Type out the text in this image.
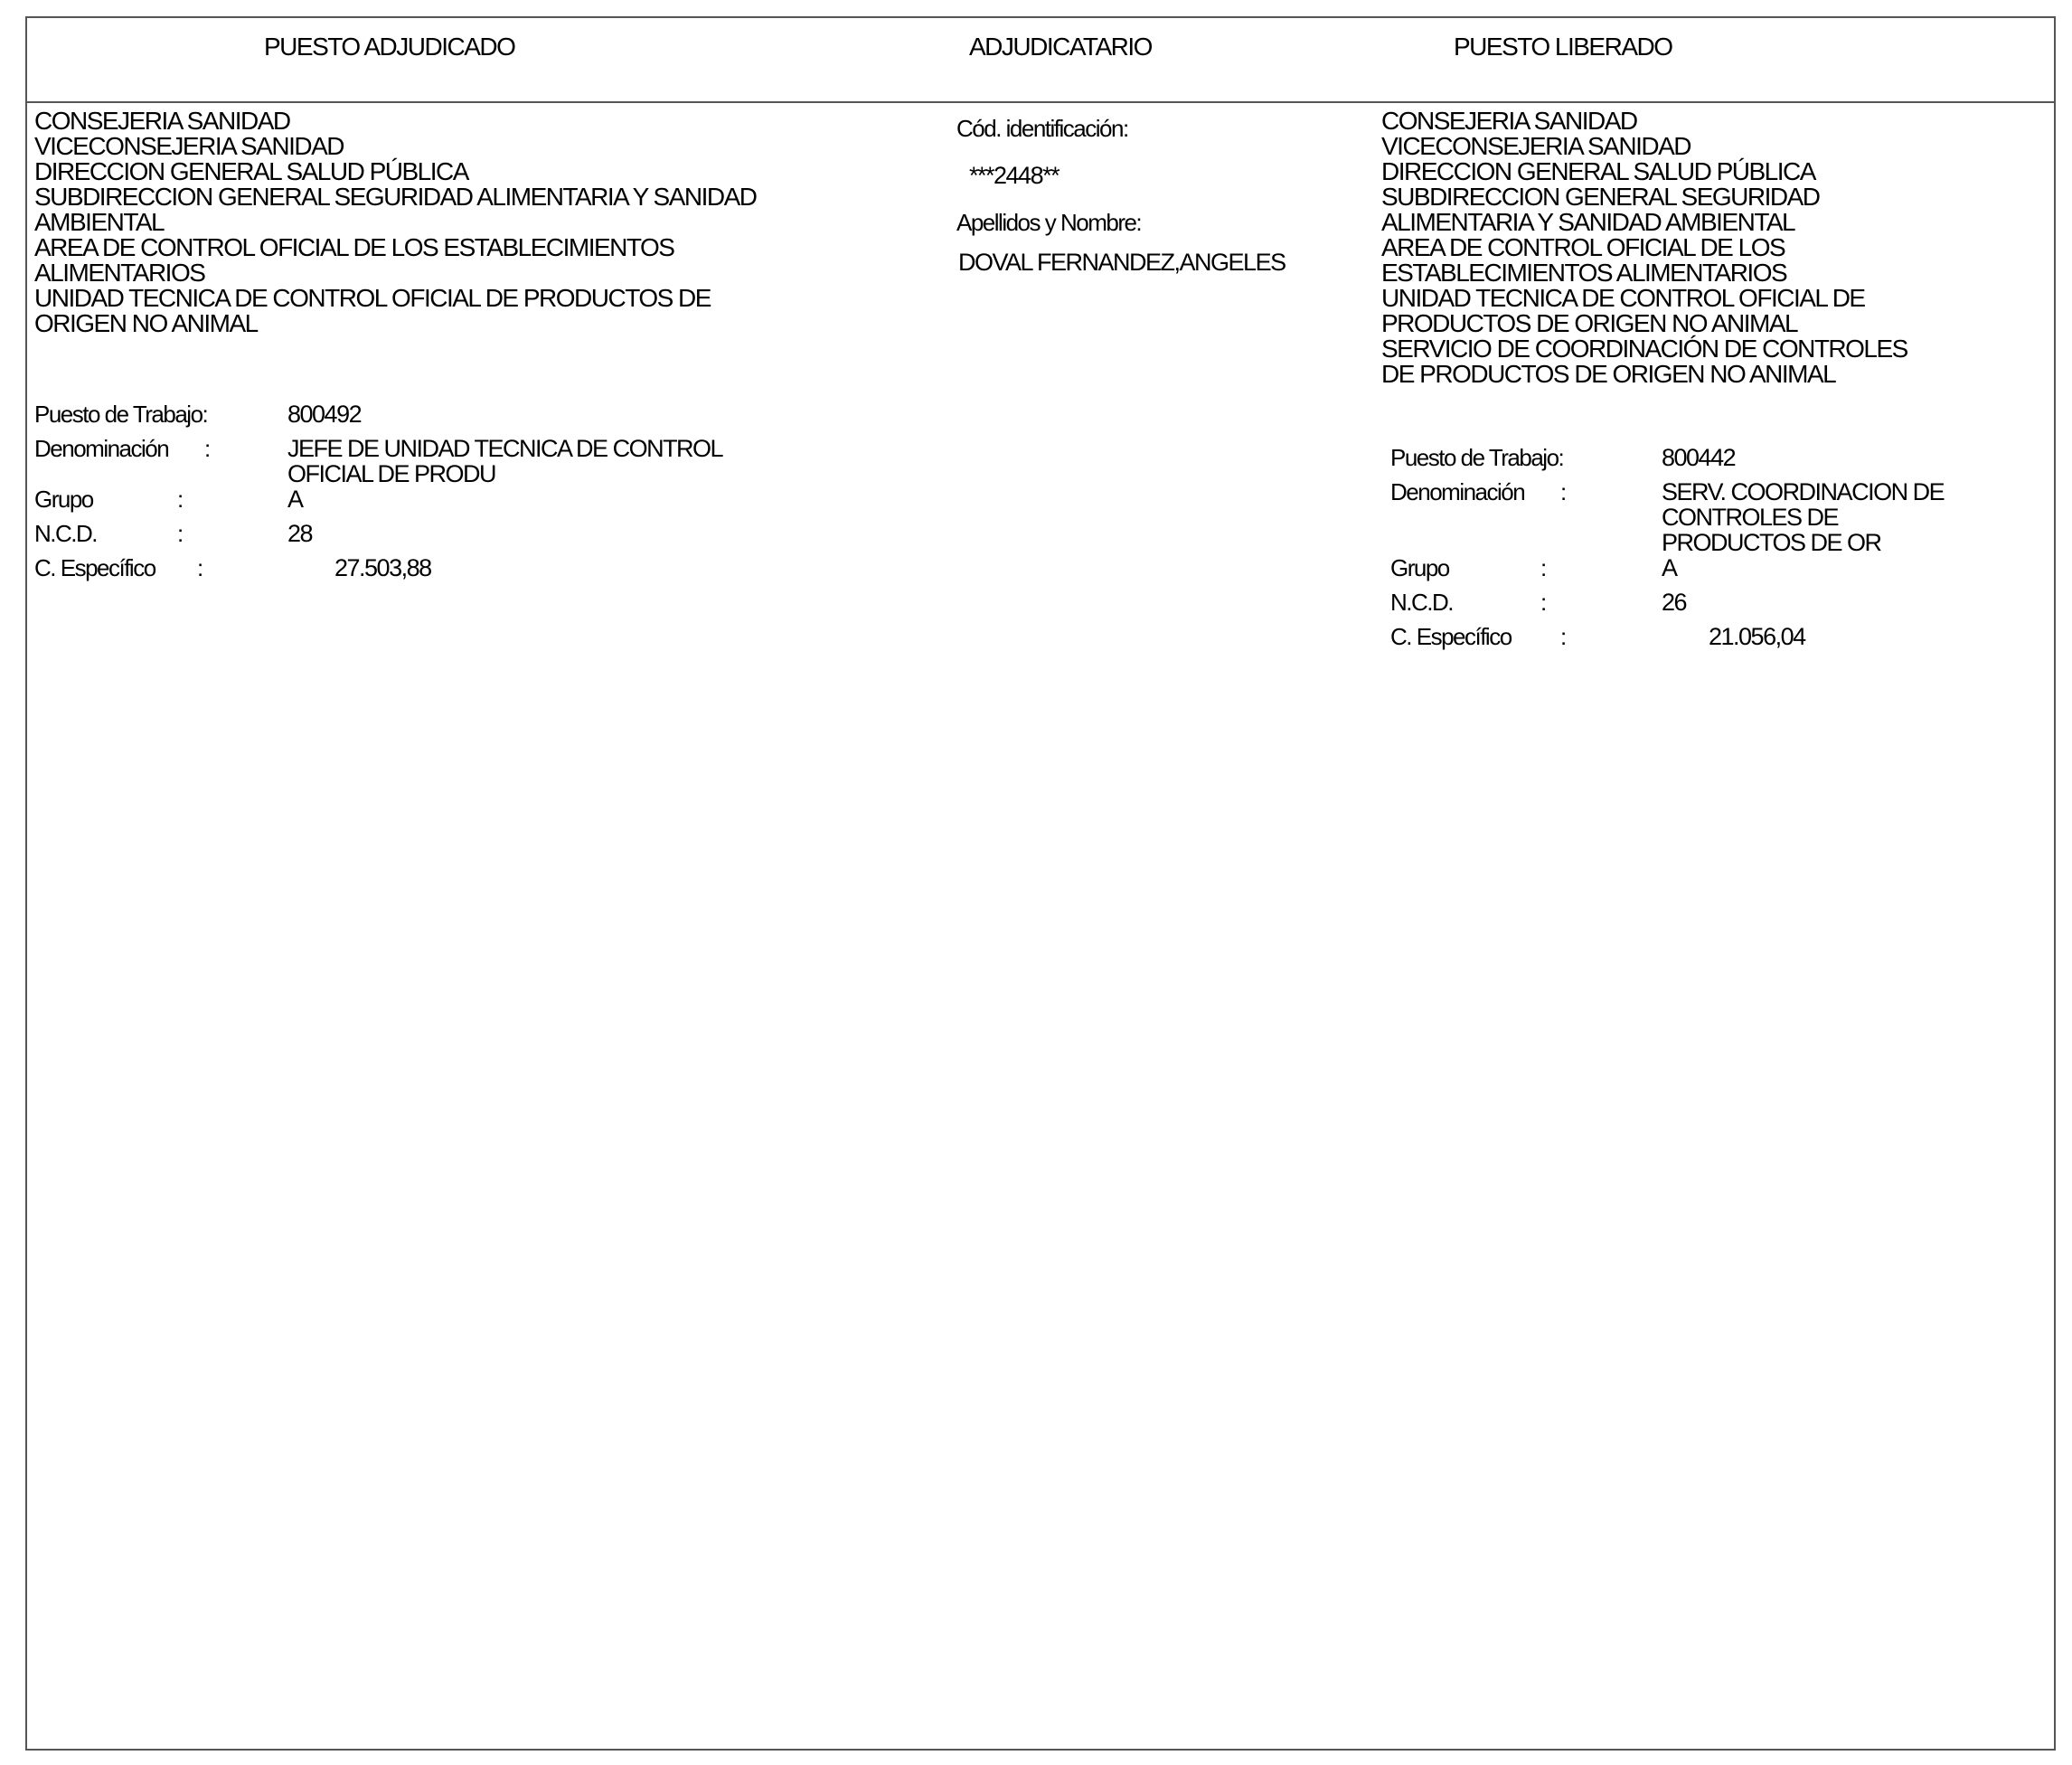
PUESTO ADJUDICADO	ADJUDICATARIO	PUESTO LIBERADO
CONSEJERIA SANIDAD
VICECONSEJERIA SANIDAD
DIRECCION GENERAL SALUD PÚBLICA
SUBDIRECCION GENERAL SEGURIDAD ALIMENTARIA Y SANIDAD
AMBIENTAL
AREA DE CONTROL OFICIAL DE LOS ESTABLECIMIENTOS
ALIMENTARIOS
UNIDAD TECNICA DE CONTROL OFICIAL DE PRODUCTOS DE
ORIGEN NO ANIMAL
Puesto de Trabajo:	800492
Denominación :	JEFE DE UNIDAD TECNICA DE CONTROL
OFICIAL DE PRODU
Grupo	:	A
N.C.D.	:	28
C. Específico :	27.503,88
Cód. identificación:
***2448**
Apellidos y Nombre:
DOVAL FERNANDEZ,ANGELES
CONSEJERIA SANIDAD
VICECONSEJERIA SANIDAD
DIRECCION GENERAL SALUD PÚBLICA
SUBDIRECCION GENERAL SEGURIDAD
ALIMENTARIA Y SANIDAD AMBIENTAL
AREA DE CONTROL OFICIAL DE LOS
ESTABLECIMIENTOS ALIMENTARIOS
UNIDAD TECNICA DE CONTROL OFICIAL DE
PRODUCTOS DE ORIGEN NO ANIMAL
SERVICIO DE COORDINACIÓN DE CONTROLES
DE PRODUCTOS DE ORIGEN NO ANIMAL
Puesto de Trabajo:	800442
Denominación :	SERV. COORDINACION DE
CONTROLES DE
PRODUCTOS DE OR
Grupo	:	A
N.C.D.	:	26
C. Específico :	21.056,04
